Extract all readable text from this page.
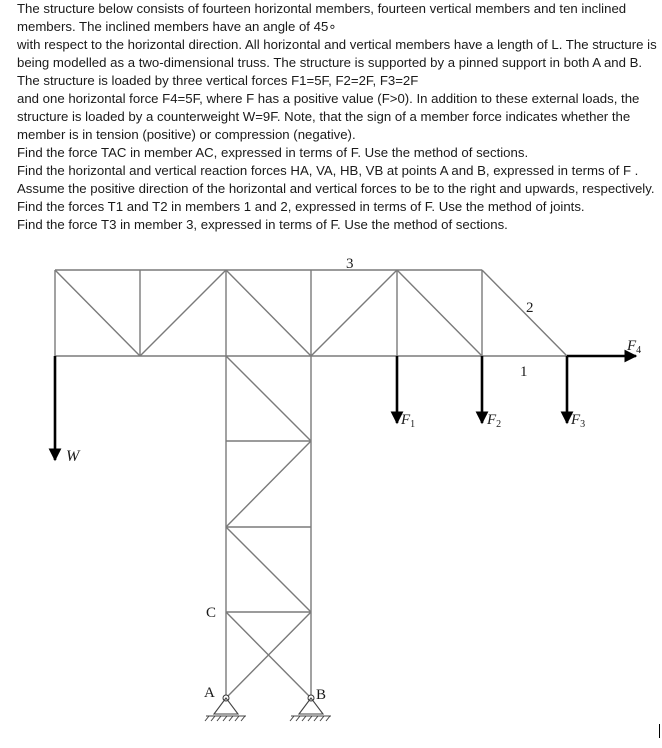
The structure below consists of fourteen horizontal members, fourteen vertical members and ten inclined members. The inclined members have an angle of 45∘

with respect to the horizontal direction. All horizontal and vertical members have a length of L. The structure is being modelled as a two-dimensional truss. The structure is supported by a pinned support in both A and B. The structure is loaded by three vertical forces F1=5F, F2=2F, F3=2F

and one horizontal force F4=5F, where F has a positive value (F>0). In addition to these external loads, the structure is loaded by a counterweight W=9F. Note, that the sign of a member force indicates whether the member is in tension (positive) or compression (negative).

Find the force TAC in member AC, expressed in terms of F. Use the method of sections.

Find the horizontal and vertical reaction forces HA, VA, HB, VB at points A and B, expressed in terms of F . Assume the positive direction of the horizontal and vertical forces to be to the right and upwards, respectively.

Find the forces T1 and T2 in members 1 and 2, expressed in terms of F. Use the method of joints.

Find the force T3 in member 3, expressed in terms of F. Use the method of sections.

3
2
1
C
A	B
W
$F_1$	$F_2$	$F_3$
$F_4$
